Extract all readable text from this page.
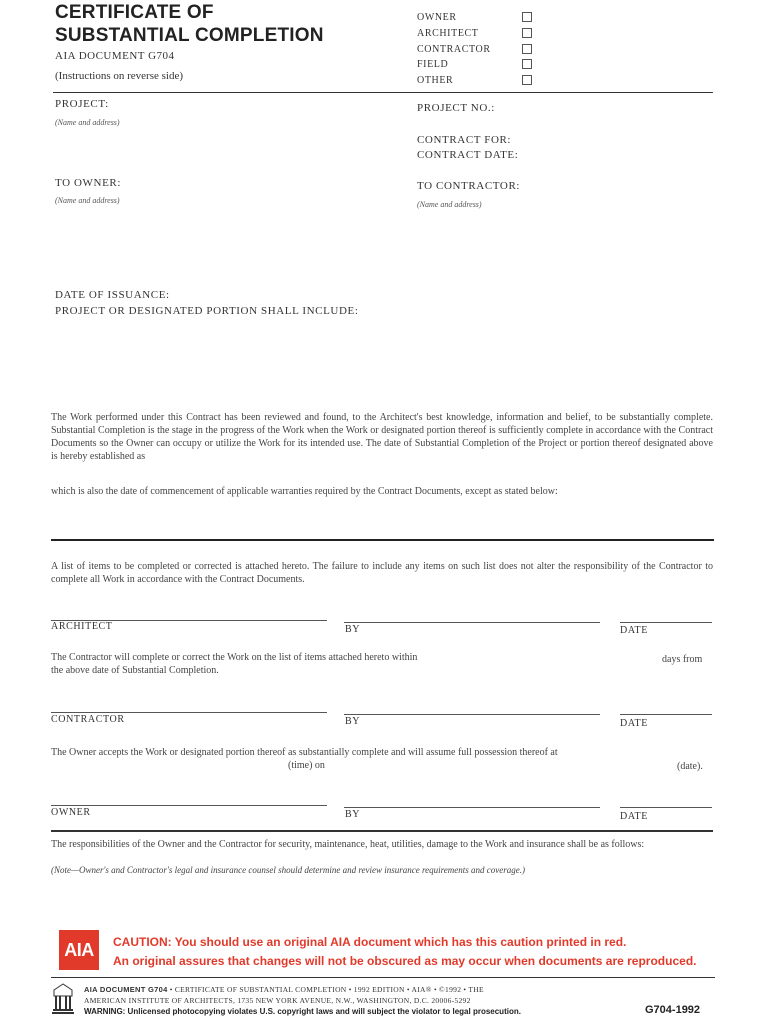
CERTIFICATE OF
SUBSTANTIAL COMPLETION
AIA DOCUMENT G704
(Instructions on reverse side)
OWNER
ARCHITECT
CONTRACTOR
FIELD
OTHER
PROJECT:
(Name and address)
PROJECT NO.:
CONTRACT FOR:
CONTRACT DATE:
TO OWNER:
(Name and address)
TO CONTRACTOR:
(Name and address)
DATE OF ISSUANCE:
PROJECT OR DESIGNATED PORTION SHALL INCLUDE:
The Work performed under this Contract has been reviewed and found, to the Architect's best knowledge, information and belief, to be substantially complete. Substantial Completion is the stage in the progress of the Work when the Work or designated portion thereof is sufficiently complete in accordance with the Contract Documents so the Owner can occupy or utilize the Work for its intended use. The date of Substantial Completion of the Project or portion thereof designated above is hereby established as
which is also the date of commencement of applicable warranties required by the Contract Documents, except as stated below:
A list of items to be completed or corrected is attached hereto. The failure to include any items on such list does not alter the responsibility of the Contractor to complete all Work in accordance with the Contract Documents.
ARCHITECT	BY	DATE
The Contractor will complete or correct the Work on the list of items attached hereto within	days from
the above date of Substantial Completion.
CONTRACTOR	BY	DATE
The Owner accepts the Work or designated portion thereof as substantially complete and will assume full possession thereof at
(time) on	(date).
OWNER	BY	DATE
The responsibilities of the Owner and the Contractor for security, maintenance, heat, utilities, damage to the Work and insurance shall be as follows:
(Note—Owner's and Contractor's legal and insurance counsel should determine and review insurance requirements and coverage.)
AIA	CAUTION: You should use an original AIA document which has this caution printed in red.
An original assures that changes will not be obscured as may occur when documents are reproduced.
AIA DOCUMENT G704 • CERTIFICATE OF SUBSTANTIAL COMPLETION • 1992 EDITION • AIA® • ©1992 • THE
AMERICAN INSTITUTE OF ARCHITECTS, 1735 NEW YORK AVENUE, N.W., WASHINGTON, D.C. 20006-5292
WARNING: Unlicensed photocopying violates U.S. copyright laws and will subject the violator to legal prosecution.	G704-1992
